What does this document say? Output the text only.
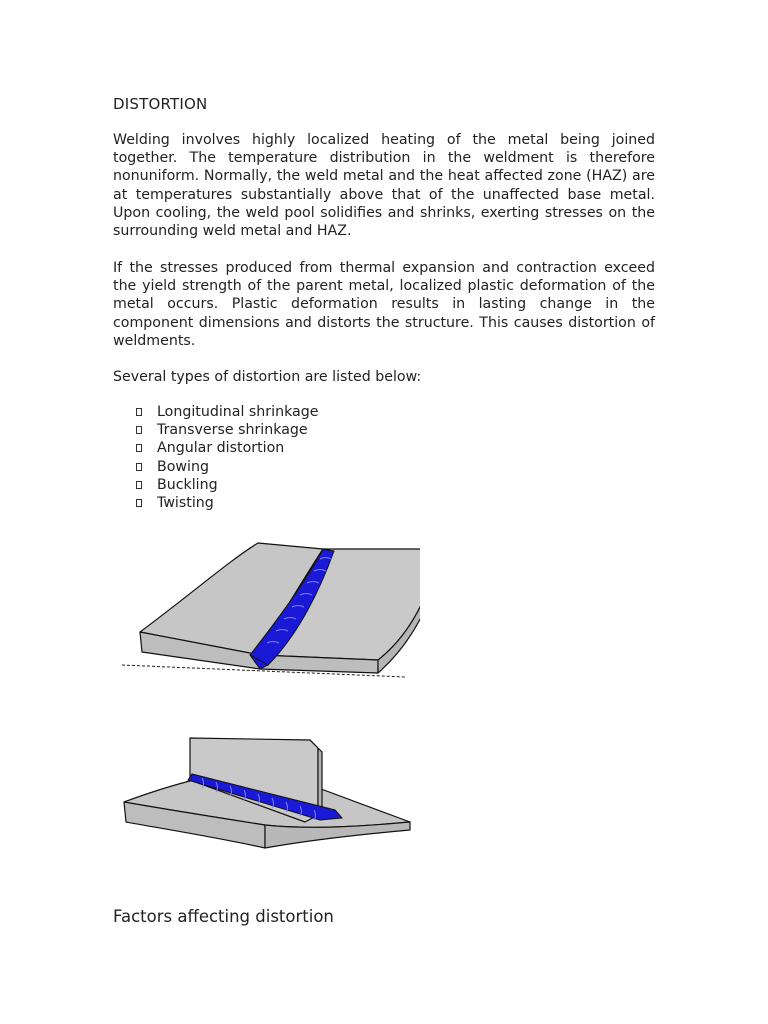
DISTORTION

Welding involves highly localized heating of the metal being joined together. The temperature distribution in the weldment is therefore nonuniform. Normally, the weld metal and the heat affected zone (HAZ) are at temperatures substantially above that of the unaffected base metal. Upon cooling, the weld pool solidifies and shrinks, exerting stresses on the surrounding weld metal and HAZ.

If the stresses produced from thermal expansion and contraction exceed the yield strength of the parent metal, localized plastic deformation of the metal occurs. Plastic deformation results in lasting change in the component dimensions and distorts the structure. This causes distortion of weldments.

Several types of distortion are listed below:

Longitudinal shrinkage
Transverse shrinkage
Angular distortion
Bowing
Buckling
Twisting
Factors affecting distortion
